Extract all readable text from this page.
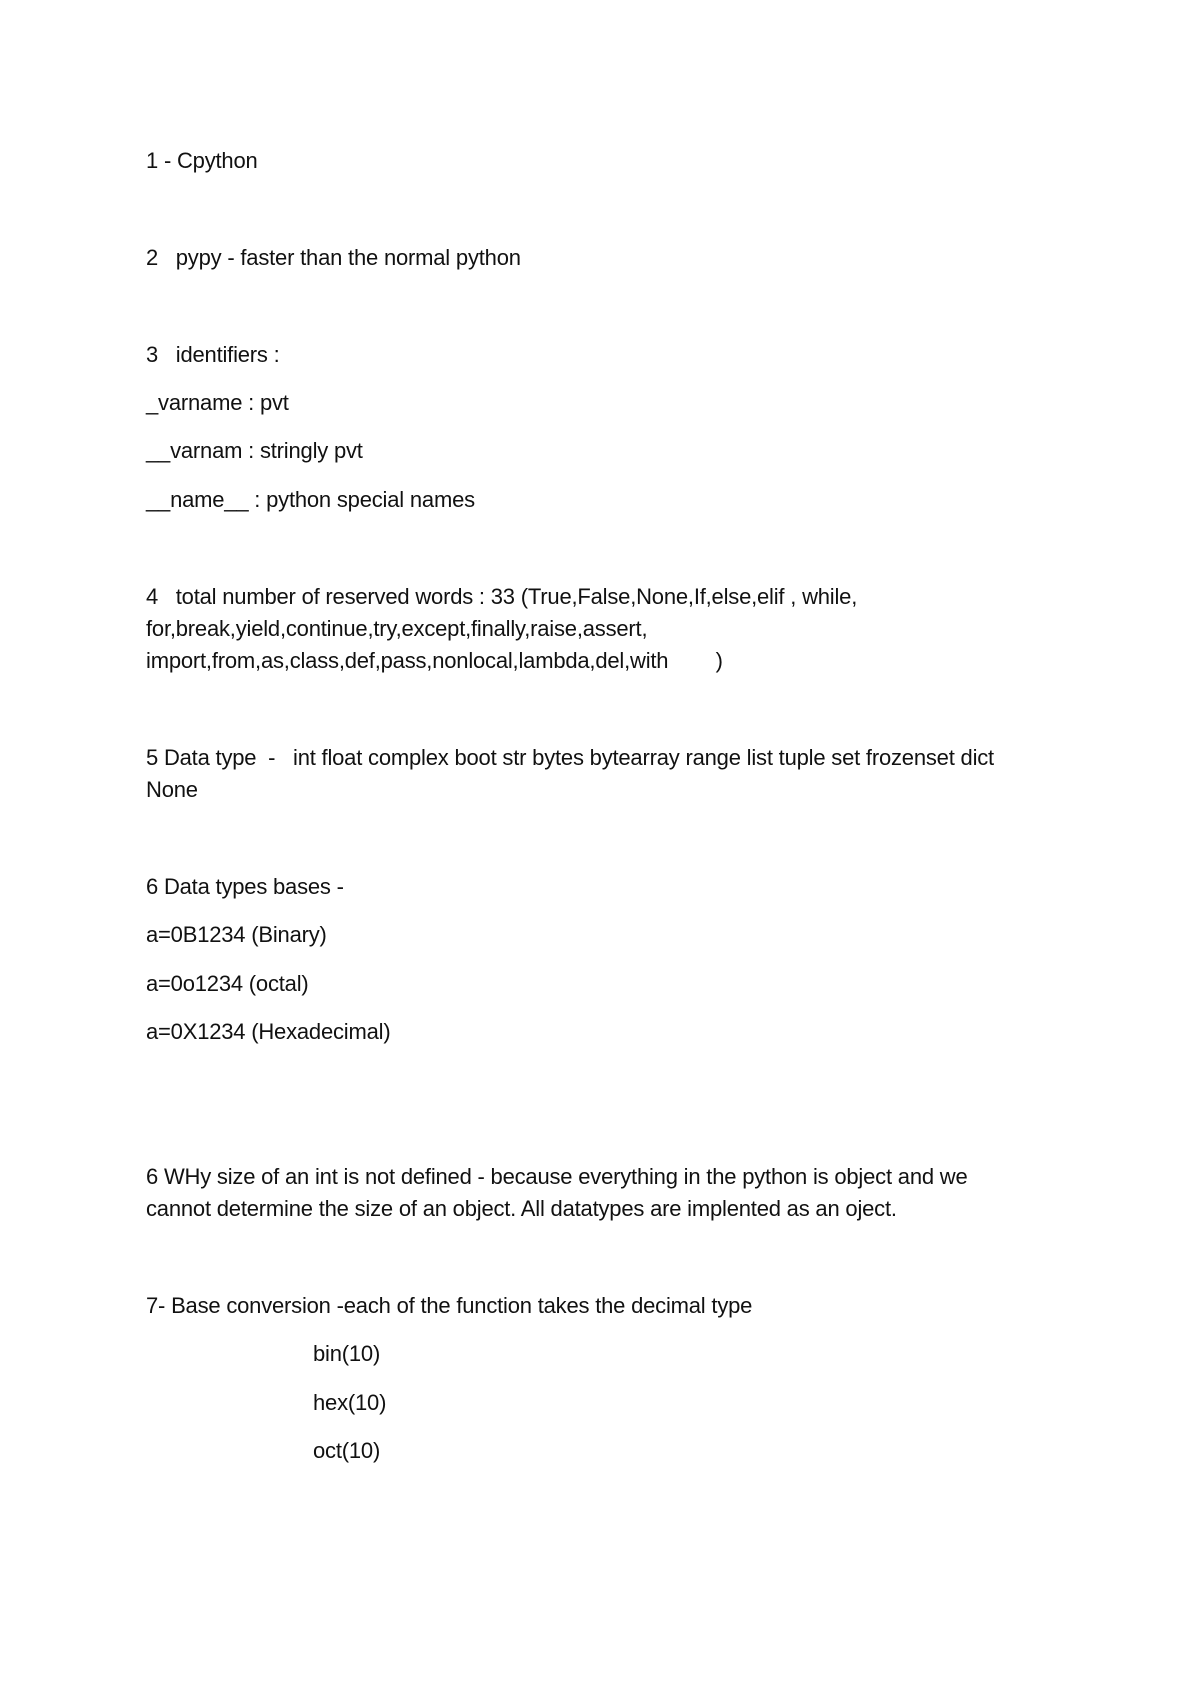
1 - Cpython
2   pypy - faster than the normal python
3   identifiers :
_varname : pvt
__varnam : stringly pvt
__name__ : python special names
4   total number of reserved words : 33 (True,False,None,If,else,elif , while,
for,break,yield,continue,try,except,finally,raise,assert,
import,from,as,class,def,pass,nonlocal,lambda,del,with        )
5 Data type  -   int float complex boot str bytes bytearray range list tuple set frozenset dict
None
6 Data types bases -
a=0B1234 (Binary)
a=0o1234 (octal)
a=0X1234 (Hexadecimal)
6 WHy size of an int is not defined - because everything in the python is object and we
cannot determine the size of an object. All datatypes are implented as an oject.
7- Base conversion -each of the function takes the decimal type
bin(10)
hex(10)
oct(10)
